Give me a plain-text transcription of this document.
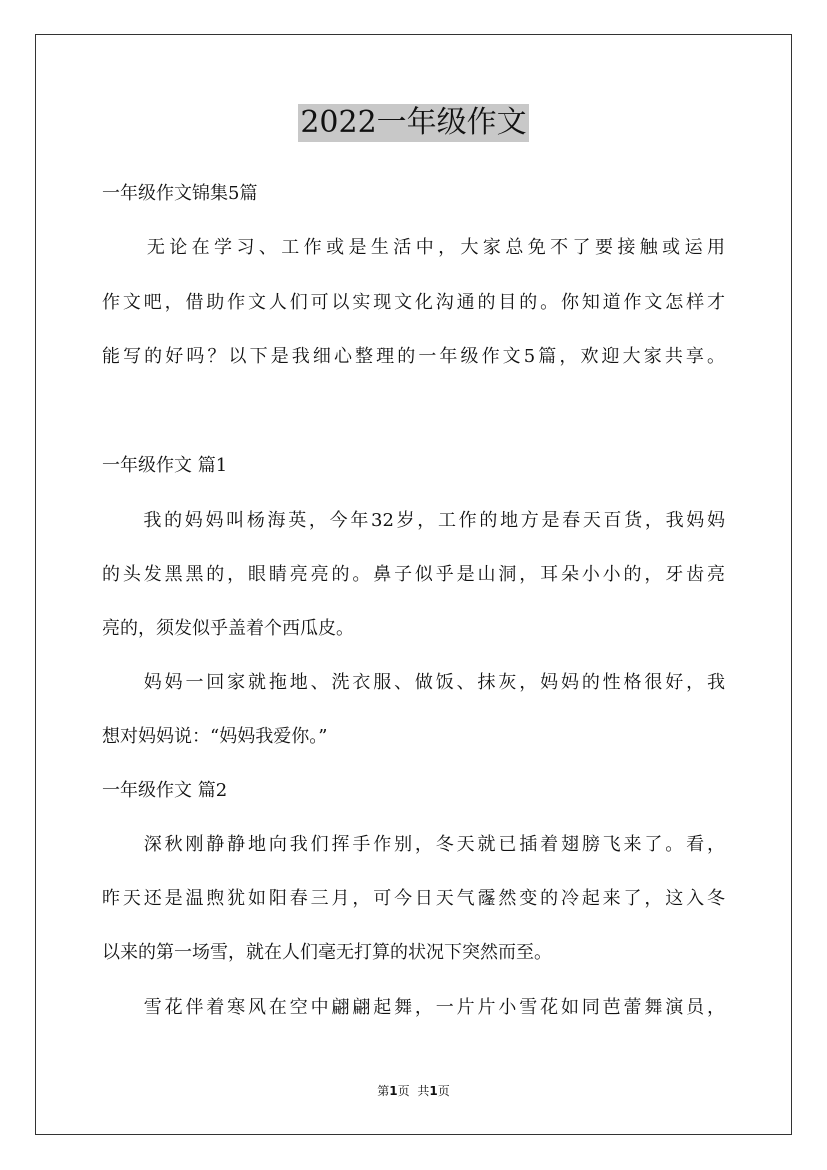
2022一年级作文
一年级作文锦集5篇
　　无论在学习、工作或是生活中，大家总免不了要接触或运用
作文吧，借助作文人们可以实现文化沟通的目的。你知道作文怎样才
能写的好吗？以下是我细心整理的一年级作文5篇，欢迎大家共享。
一年级作文 篇1
　　我的妈妈叫杨海英，今年32岁，工作的地方是春天百货，我妈妈
的头发黑黑的，眼睛亮亮的。鼻子似乎是山洞，耳朵小小的，牙齿亮
亮的，须发似乎盖着个西瓜皮。
　　妈妈一回家就拖地、洗衣服、做饭、抹灰，妈妈的性格很好，我
想对妈妈说：“妈妈我爱你。”
一年级作文 篇2
　　深秋刚静静地向我们挥手作别，冬天就已插着翅膀飞来了。看，
昨天还是温煦犹如阳春三月，可今日天气霳然变的冷起来了，这入冬
以来的第一场雪，就在人们毫无打算的状况下突然而至。
　　雪花伴着寒风在空中翩翩起舞，一片片小雪花如同芭蕾舞演员，
第1页 共1页
